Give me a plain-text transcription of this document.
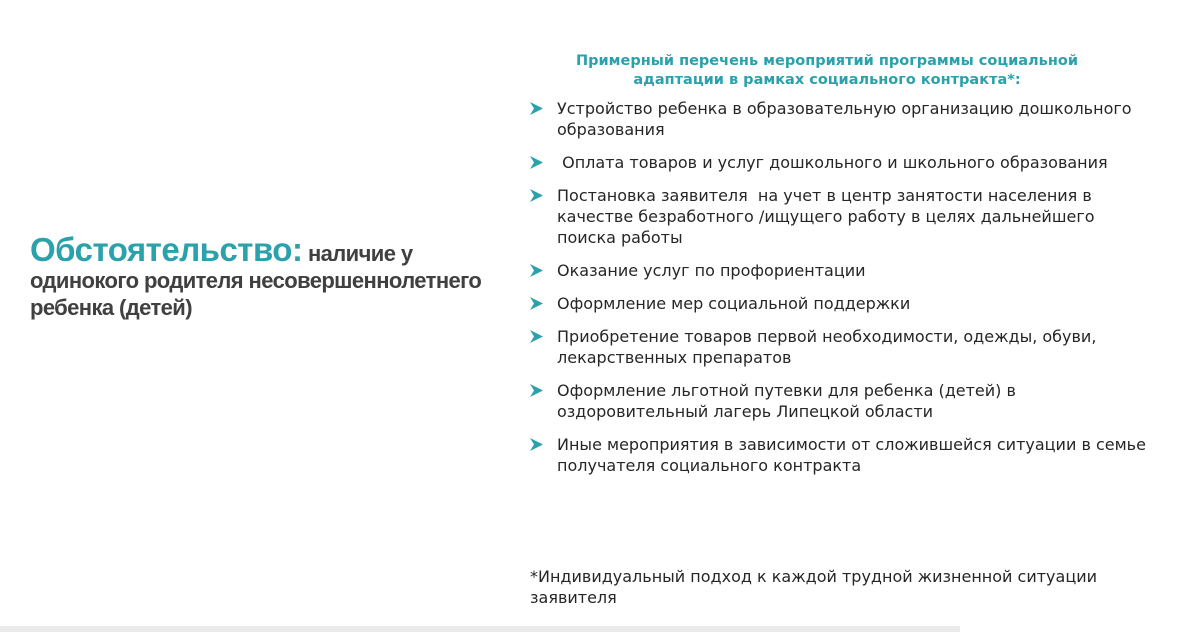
Обстоятельство: наличие у одинокого родителя несовершеннолетнего ребенка (детей)
Примерный перечень мероприятий программы социальной
адаптации в рамках социального контракта*:
Устройство ребенка в образовательную организацию дошкольного образования
Оплата товаров и услуг дошкольного и школьного образования
Постановка заявителя  на учет в центр занятости населения в качестве безработного /ищущего работу в целях дальнейшего поиска работы
Оказание услуг по профориентации
Оформление мер социальной поддержки
Приобретение товаров первой необходимости, одежды, обуви, лекарственных препаратов
Оформление льготной путевки для ребенка (детей) в оздоровительный лагерь Липецкой области
Иные мероприятия в зависимости от сложившейся ситуации в семье получателя социального контракта
*Индивидуальный подход к каждой трудной жизненной ситуации заявителя
